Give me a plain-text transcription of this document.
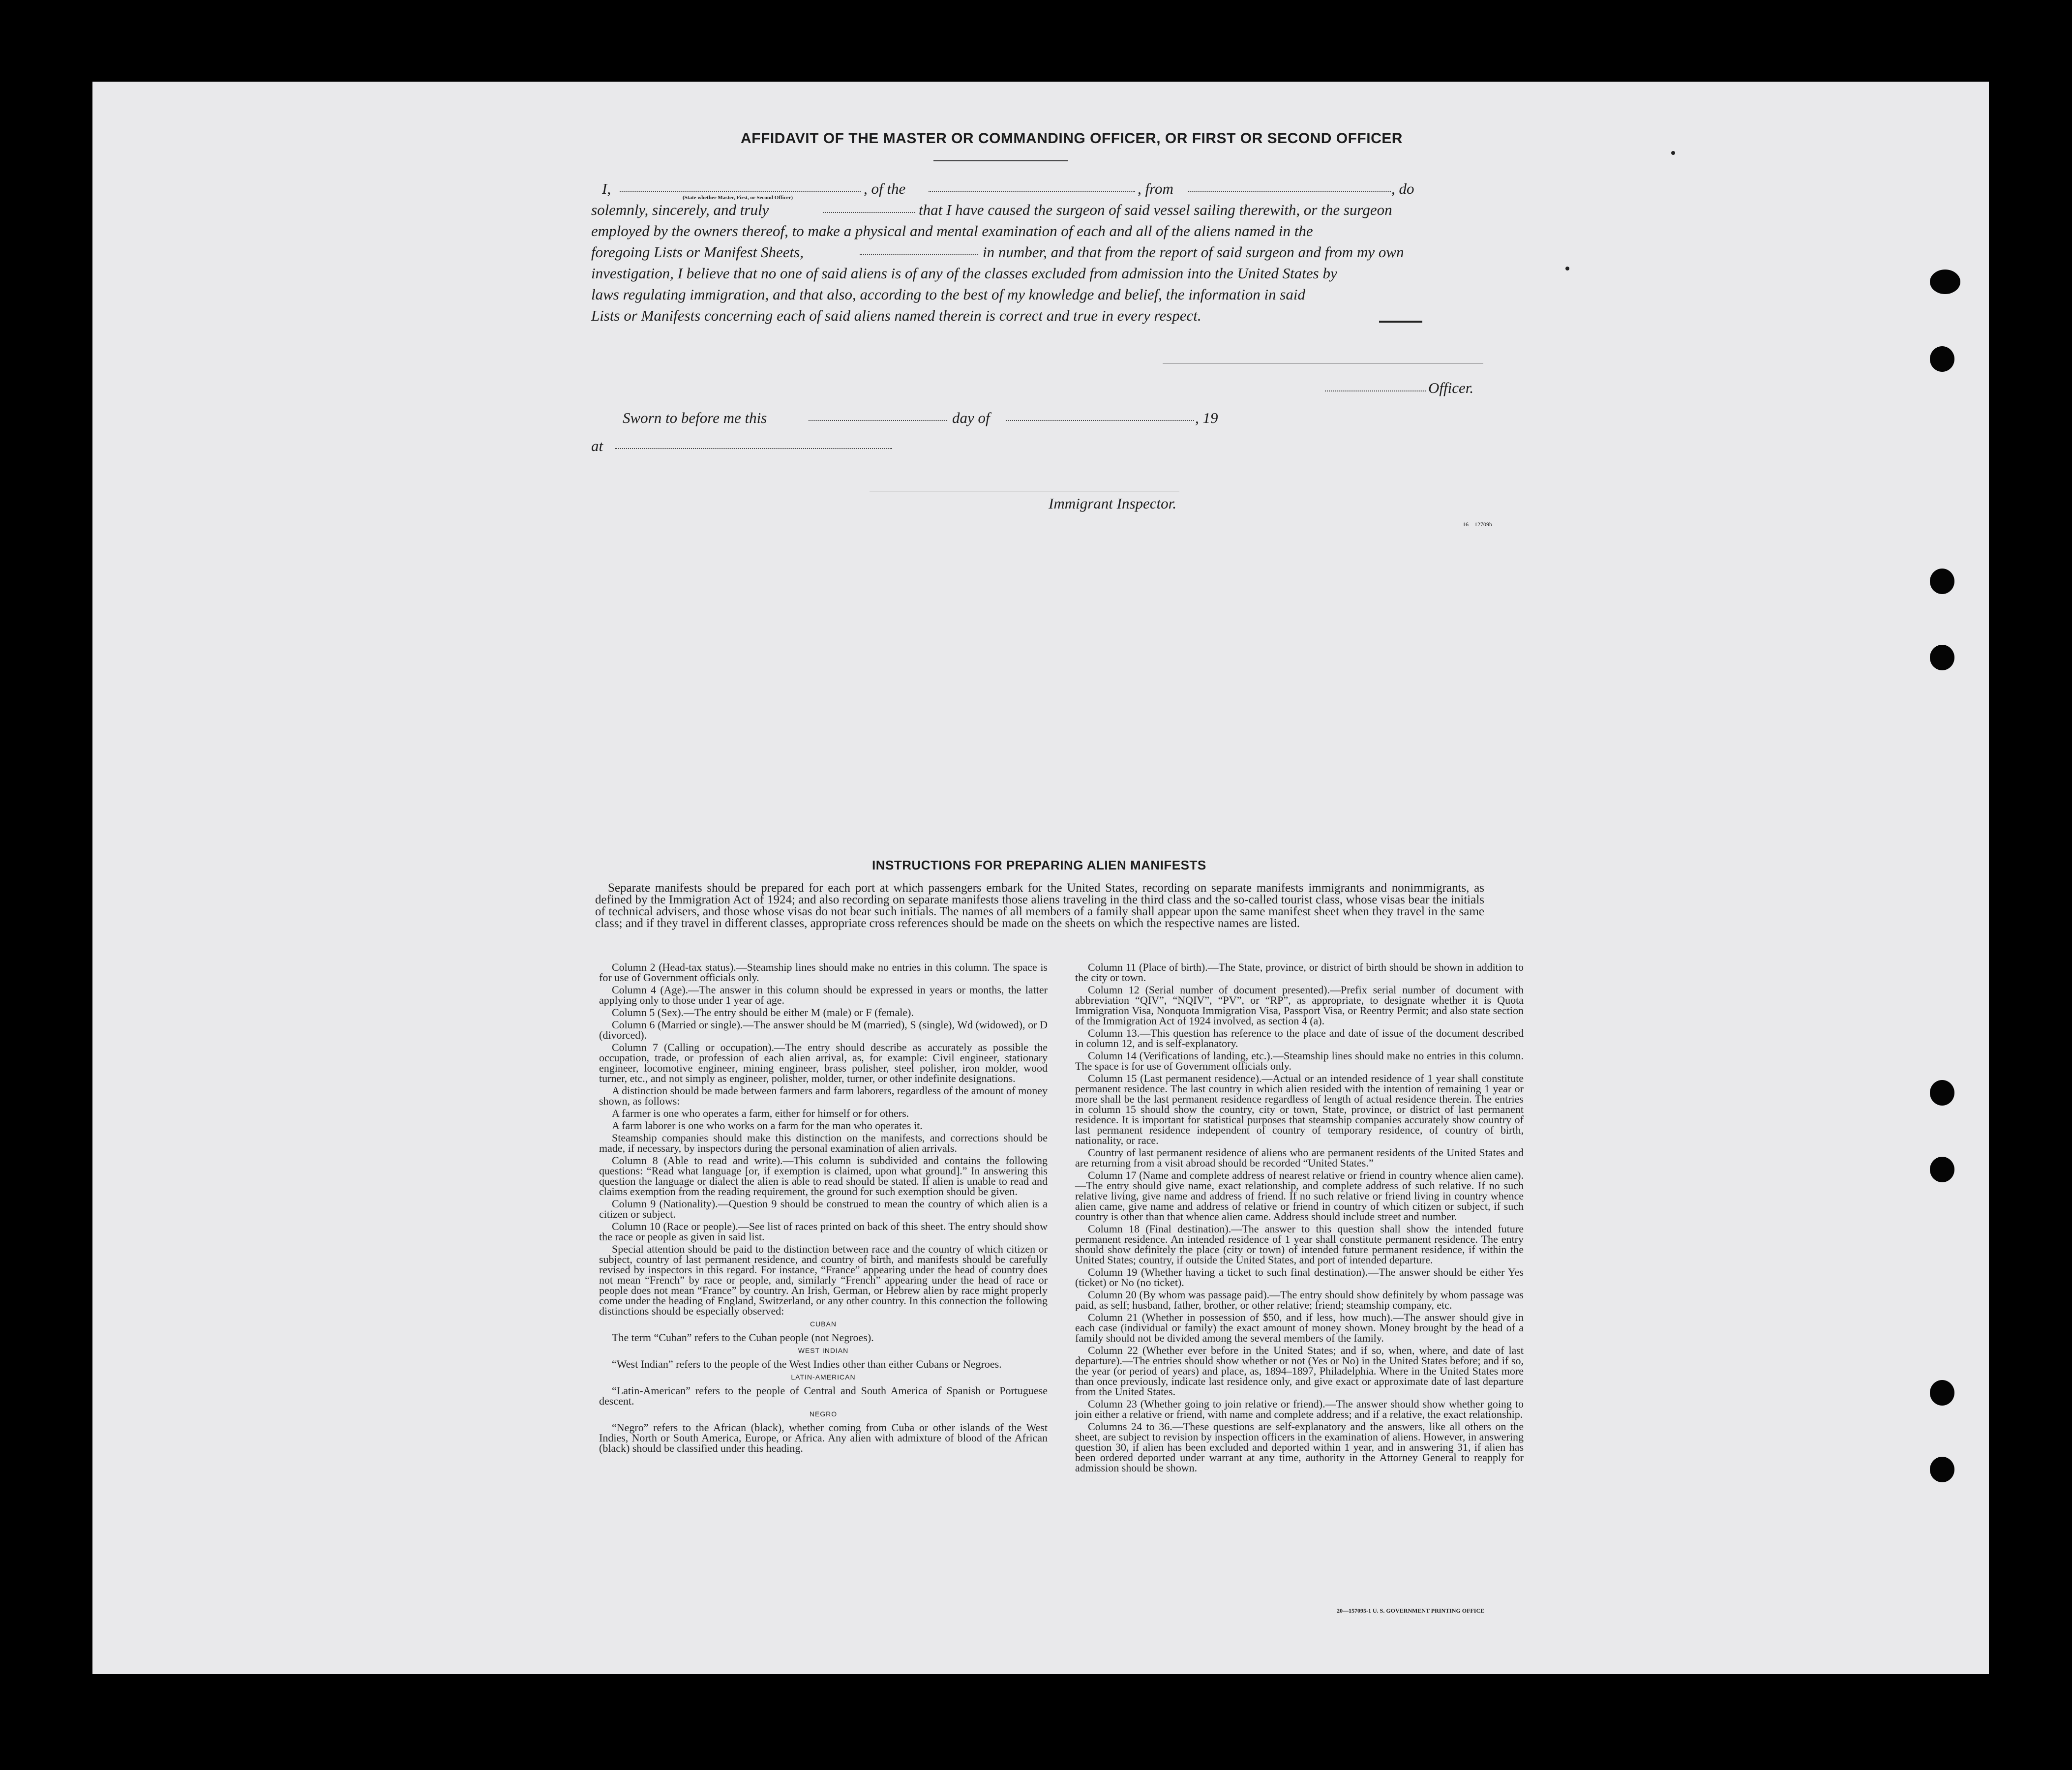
AFFIDAVIT OF THE MASTER OR COMMANDING OFFICER, OR FIRST OR SECOND OFFICER
I,
(State whether Master, First, or Second Officer)
, of the	, from	, do
solemnly, sincerely, and truly	that I have caused the surgeon of said vessel sailing therewith, or the surgeon
employed by the owners thereof, to make a physical and mental examination of each and all of the aliens named in the
foregoing Lists or Manifest Sheets,	in number, and that from the report of said surgeon and from my own
investigation, I believe that no one of said aliens is of any of the classes excluded from admission into the United States by
laws regulating immigration, and that also, according to the best of my knowledge and belief, the information in said
Lists or Manifests concerning each of said aliens named therein is correct and true in every respect.
Officer.
Sworn to before me this	day of	, 19
at
Immigrant Inspector.
16—12709b
INSTRUCTIONS FOR PREPARING ALIEN MANIFESTS

Separate manifests should be prepared for each port at which passengers embark for the United States, recording on separate manifests immigrants and nonimmigrants, as defined by the Immigration Act of 1924; and also recording on separate manifests those aliens traveling in the third class and the so-called tourist class, whose visas bear the initials of technical advisers, and those whose visas do not bear such initials. The names of all members of a family shall appear upon the same manifest sheet when they travel in the same class; and if they travel in different classes, appropriate cross references should be made on the sheets on which the respective names are listed.

Column 2 (Head-tax status).—Steamship lines should make no entries in this column. The space is for use of Government officials only.

Column 4 (Age).—The answer in this column should be expressed in years or months, the latter applying only to those under 1 year of age.

Column 5 (Sex).—The entry should be either M (male) or F (female).

Column 6 (Married or single).—The answer should be M (married), S (single), Wd (widowed), or D (divorced).

Column 7 (Calling or occupation).—The entry should describe as accurately as possible the occupation, trade, or profession of each alien arrival, as, for example: Civil engineer, stationary engineer, locomotive engineer, mining engineer, brass polisher, steel polisher, iron molder, wood turner, etc., and not simply as engineer, polisher, molder, turner, or other indefinite designations.

A distinction should be made between farmers and farm laborers, regardless of the amount of money shown, as follows:

A farmer is one who operates a farm, either for himself or for others.

A farm laborer is one who works on a farm for the man who operates it.

Steamship companies should make this distinction on the manifests, and corrections should be made, if necessary, by inspectors during the personal examination of alien arrivals.

Column 8 (Able to read and write).—This column is subdivided and contains the following questions: “Read what language [or, if exemption is claimed, upon what ground].” In answering this question the language or dialect the alien is able to read should be stated. If alien is unable to read and claims exemption from the reading requirement, the ground for such exemption should be given.

Column 9 (Nationality).—Question 9 should be construed to mean the country of which alien is a citizen or subject.

Column 10 (Race or people).—See list of races printed on back of this sheet. The entry should show the race or people as given in said list.

Special attention should be paid to the distinction between race and the country of which citizen or subject, country of last permanent residence, and country of birth, and manifests should be carefully revised by inspectors in this regard. For instance, “France” appearing under the head of country does not mean “French” by race or people, and, similarly “French” appearing under the head of race or people does not mean “France” by country. An Irish, German, or Hebrew alien by race might properly come under the heading of England, Switzerland, or any other country. In this connection the following distinctions should be especially observed:

CUBAN

The term “Cuban” refers to the Cuban people (not Negroes).

WEST INDIAN

“West Indian” refers to the people of the West Indies other than either Cubans or Negroes.

LATIN-AMERICAN

“Latin-American” refers to the people of Central and South America of Spanish or Portuguese descent.

NEGRO

“Negro” refers to the African (black), whether coming from Cuba or other islands of the West Indies, North or South America, Europe, or Africa. Any alien with admixture of blood of the African (black) should be classified under this heading.

Column 11 (Place of birth).—The State, province, or district of birth should be shown in addition to the city or town.

Column 12 (Serial number of document presented).—Prefix serial number of document with abbreviation “QIV”, “NQIV”, “PV”, or “RP”, as appropriate, to designate whether it is Quota Immigration Visa, Nonquota Immigration Visa, Passport Visa, or Reentry Permit; and also state section of the Immigration Act of 1924 involved, as section 4 (a).

Column 13.—This question has reference to the place and date of issue of the document described in column 12, and is self-explanatory.

Column 14 (Verifications of landing, etc.).—Steamship lines should make no entries in this column. The space is for use of Government officials only.

Column 15 (Last permanent residence).—Actual or an intended residence of 1 year shall constitute permanent residence. The last country in which alien resided with the intention of remaining 1 year or more shall be the last permanent residence regardless of length of actual residence therein. The entries in column 15 should show the country, city or town, State, province, or district of last permanent residence. It is important for statistical purposes that steamship companies accurately show country of last permanent residence independent of country of temporary residence, of country of birth, nationality, or race.

Country of last permanent residence of aliens who are permanent residents of the United States and are returning from a visit abroad should be recorded “United States.”

Column 17 (Name and complete address of nearest relative or friend in country whence alien came).—The entry should give name, exact relationship, and complete address of such relative. If no such relative living, give name and address of friend. If no such relative or friend living in country whence alien came, give name and address of relative or friend in country of which citizen or subject, if such country is other than that whence alien came. Address should include street and number.

Column 18 (Final destination).—The answer to this question shall show the intended future permanent residence. An intended residence of 1 year shall constitute permanent residence. The entry should show definitely the place (city or town) of intended future permanent residence, if within the United States; country, if outside the United States, and port of intended departure.

Column 19 (Whether having a ticket to such final destination).—The answer should be either Yes (ticket) or No (no ticket).

Column 20 (By whom was passage paid).—The entry should show definitely by whom passage was paid, as self; husband, father, brother, or other relative; friend; steamship company, etc.

Column 21 (Whether in possession of $50, and if less, how much).—The answer should give in each case (individual or family) the exact amount of money shown. Money brought by the head of a family should not be divided among the several members of the family.

Column 22 (Whether ever before in the United States; and if so, when, where, and date of last departure).—The entries should show whether or not (Yes or No) in the United States before; and if so, the year (or period of years) and place, as, 1894–1897, Philadelphia. Where in the United States more than once previously, indicate last residence only, and give exact or approximate date of last departure from the United States.

Column 23 (Whether going to join relative or friend).—The answer should show whether going to join either a relative or friend, with name and complete address; and if a relative, the exact relationship.

Columns 24 to 36.—These questions are self-explanatory and the answers, like all others on the sheet, are subject to revision by inspection officers in the examination of aliens. However, in answering question 30, if alien has been excluded and deported within 1 year, and in answering 31, if alien has been ordered deported under warrant at any time, authority in the Attorney General to reapply for admission should be shown.

20—157095-1 U. S. GOVERNMENT PRINTING OFFICE
